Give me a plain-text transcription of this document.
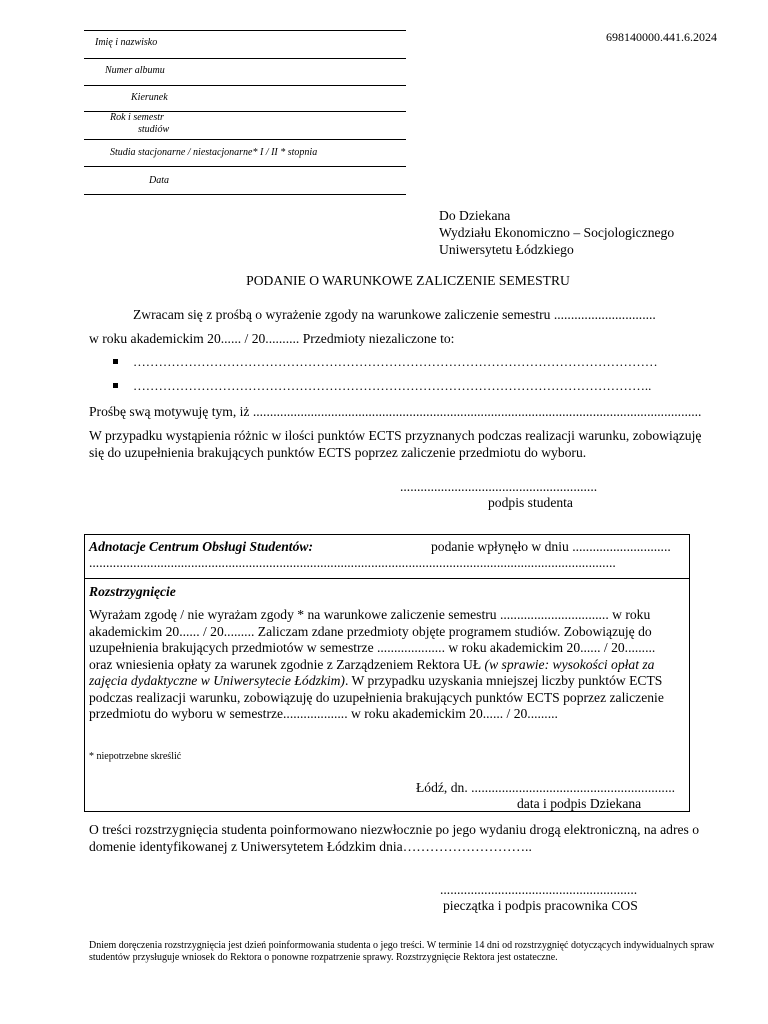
698140000.441.6.2024
Imię i nazwisko
Numer albumu
Kierunek
Rok i semestr
studiów
Studia stacjonarne / niestacjonarne* I / II * stopnia
Data
Do Dziekana
Wydziału Ekonomiczno – Socjologicznego
Uniwersytetu Łódzkiego
PODANIE O WARUNKOWE ZALICZENIE SEMESTRU
Zwracam się z prośbą o wyrażenie zgody na warunkowe zaliczenie semestru ..............................
w roku akademickim 20...... / 20.......... Przedmioty niezaliczone to:
……………………………………………………………………………………………………………
…………………………………………………………………………………………………………..
Prośbę swą motywuję tym, iż ....................................................................................................................................
W przypadku wystąpienia różnic w ilości punktów ECTS przyznanych podczas realizacji warunku, zobowiązuję się do uzupełnienia brakujących punktów ECTS poprzez zaliczenie przedmiotu do wyboru.
..........................................................
podpis studenta
Adnotacje Centrum Obsługi Studentów:	podanie wpłynęło w dniu .............................
...........................................................................................................................................................
Rozstrzygnięcie
Wyrażam zgodę / nie wyrażam zgody * na warunkowe zaliczenie semestru ................................ w roku akademickim 20...... / 20......... Zaliczam zdane przedmioty objęte programem studiów. Zobowiązuję do uzupełnienia brakujących przedmiotów w semestrze .................... w roku akademickim 20...... / 20......... oraz wniesienia opłaty za warunek zgodnie z Zarządzeniem Rektora UŁ (w sprawie: wysokości opłat za zajęcia dydaktyczne w Uniwersytecie Łódzkim). W przypadku uzyskania mniejszej liczby punktów ECTS podczas realizacji warunku, zobowiązuję do uzupełnienia brakujących punktów ECTS poprzez zaliczenie przedmiotu do wyboru w semestrze................... w roku akademickim 20...... / 20.........
* niepotrzebne skreślić
Łódź, dn. ............................................................
data i podpis Dziekana
O treści rozstrzygnięcia studenta poinformowano niezwłocznie po jego wydaniu drogą elektroniczną, na adres o domenie identyfikowanej z Uniwersytetem Łódzkim dnia………………………..
..........................................................
pieczątka i podpis pracownika COS
Dniem doręczenia rozstrzygnięcia jest dzień poinformowania studenta o jego treści. W terminie 14 dni od rozstrzygnięć dotyczących indywidualnych spraw studentów przysługuje wniosek do Rektora o ponowne rozpatrzenie sprawy. Rozstrzygnięcie Rektora jest ostateczne.
